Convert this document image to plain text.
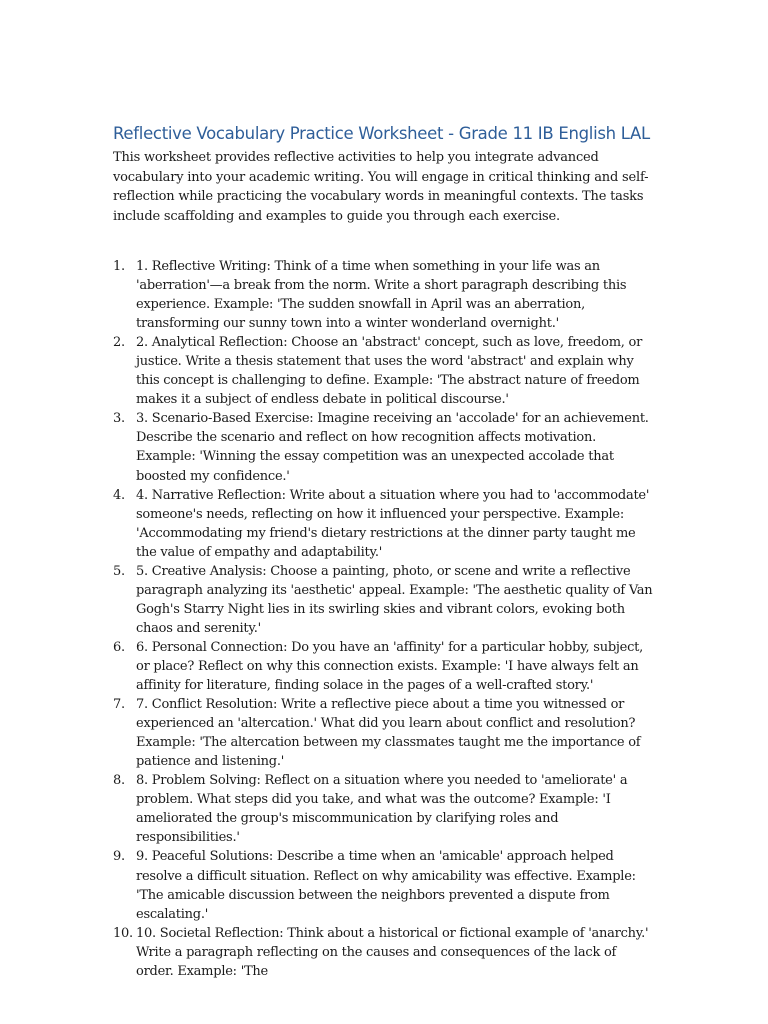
Reflective Vocabulary Practice Worksheet - Grade 11 IB English LAL

This worksheet provides reflective activities to help you integrate advanced vocabulary into your academic writing. You will engage in critical thinking and self-reflection while practicing the vocabulary words in meaningful contexts. The tasks include scaffolding and examples to guide you through each exercise.

1. 1. Reflective Writing: Think of a time when something in your life was an 'aberration'—a break from the norm. Write a short paragraph describing this experience. Example: 'The sudden snowfall in April was an aberration, transforming our sunny town into a winter wonderland overnight.'
2. 2. Analytical Reflection: Choose an 'abstract' concept, such as love, freedom, or justice. Write a thesis statement that uses the word 'abstract' and explain why this concept is challenging to define. Example: 'The abstract nature of freedom makes it a subject of endless debate in political discourse.'
3. 3. Scenario-Based Exercise: Imagine receiving an 'accolade' for an achievement. Describe the scenario and reflect on how recognition affects motivation. Example: 'Winning the essay competition was an unexpected accolade that boosted my confidence.'
4. 4. Narrative Reflection: Write about a situation where you had to 'accommodate' someone's needs, reflecting on how it influenced your perspective. Example: 'Accommodating my friend's dietary restrictions at the dinner party taught me the value of empathy and adaptability.'
5. 5. Creative Analysis: Choose a painting, photo, or scene and write a reflective paragraph analyzing its 'aesthetic' appeal. Example: 'The aesthetic quality of Van Gogh's Starry Night lies in its swirling skies and vibrant colors, evoking both chaos and serenity.'
6. 6. Personal Connection: Do you have an 'affinity' for a particular hobby, subject, or place? Reflect on why this connection exists. Example: 'I have always felt an affinity for literature, finding solace in the pages of a well-crafted story.'
7. 7. Conflict Resolution: Write a reflective piece about a time you witnessed or experienced an 'altercation.' What did you learn about conflict and resolution? Example: 'The altercation between my classmates taught me the importance of patience and listening.'
8. 8. Problem Solving: Reflect on a situation where you needed to 'ameliorate' a problem. What steps did you take, and what was the outcome? Example: 'I ameliorated the group's miscommunication by clarifying roles and responsibilities.'
9. 9. Peaceful Solutions: Describe a time when an 'amicable' approach helped resolve a difficult situation. Reflect on why amicability was effective. Example: 'The amicable discussion between the neighbors prevented a dispute from escalating.'
10. 10. Societal Reflection: Think about a historical or fictional example of 'anarchy.' Write a paragraph reflecting on the causes and consequences of the lack of order. Example: 'The
